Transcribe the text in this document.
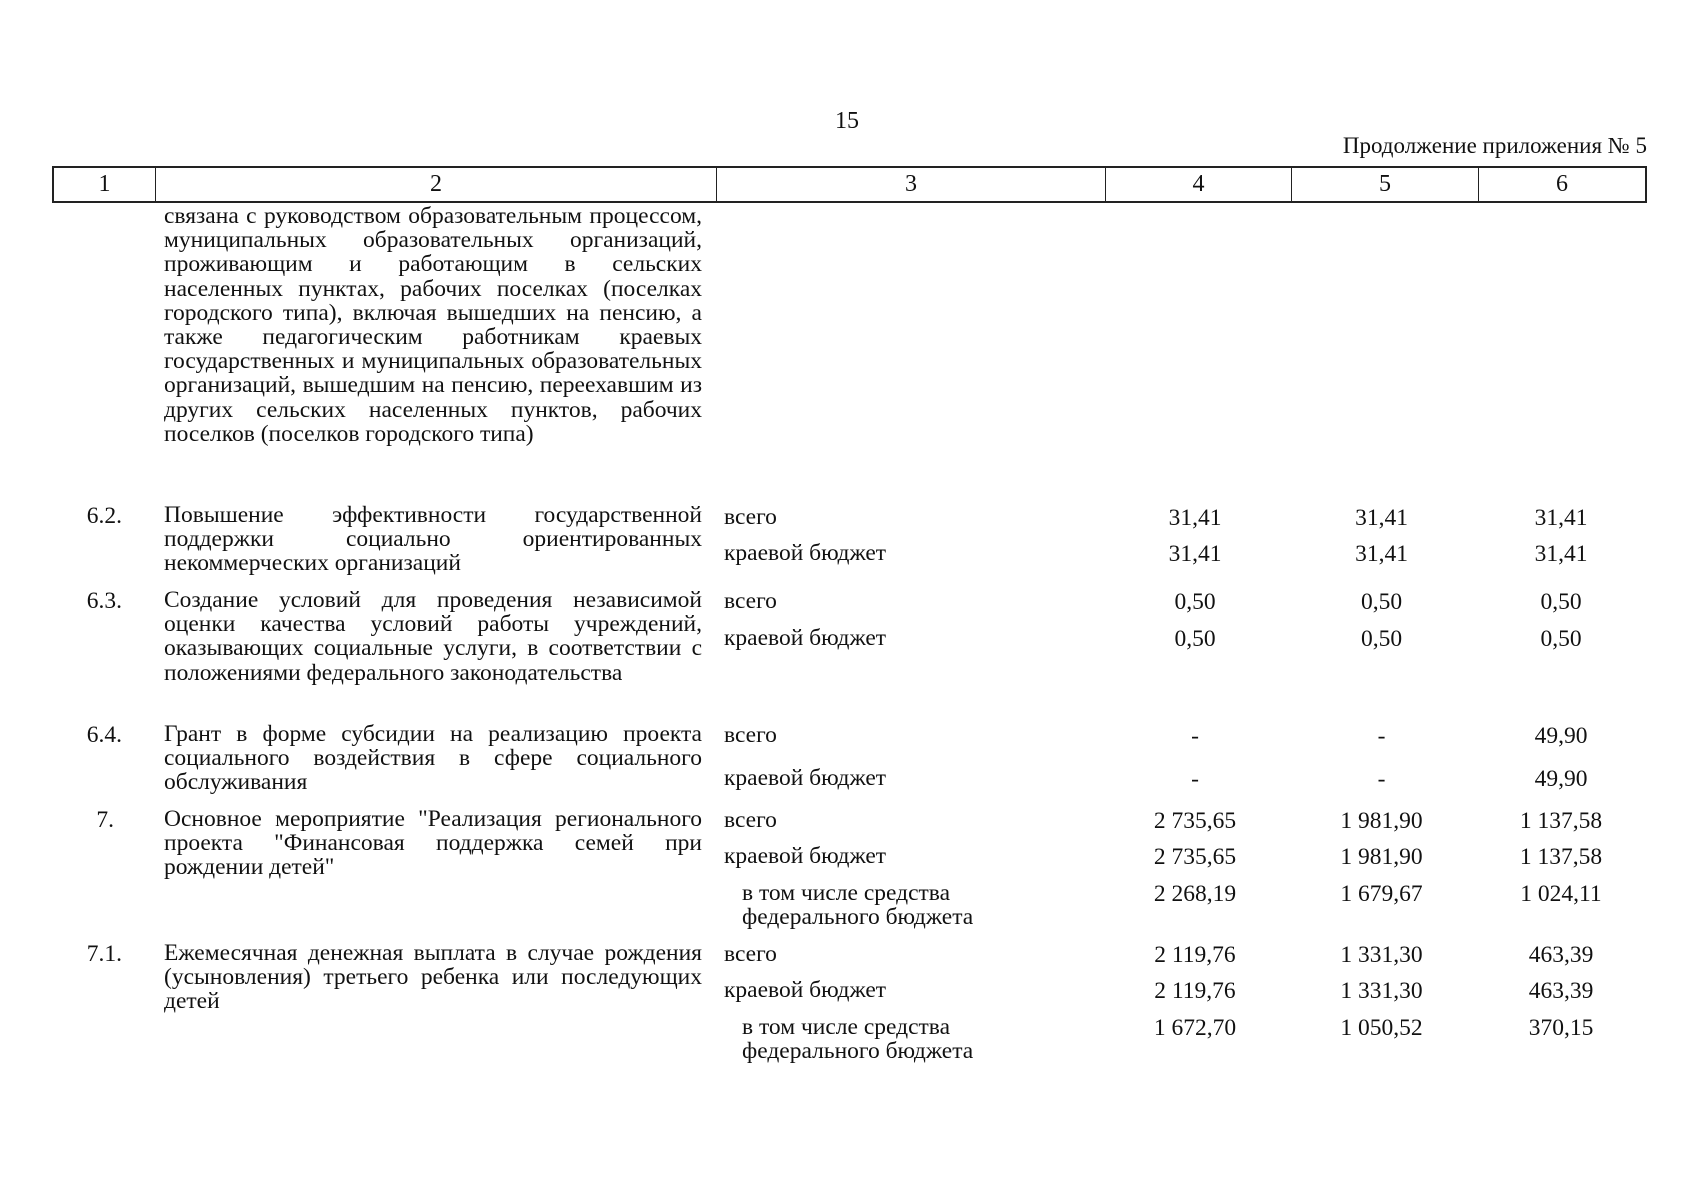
15
Продолжение приложения № 5
1	2	3	4	5	6
связана с руководством образовательным процессом, муниципальных образовательных организаций, проживающим и работающим в сельских населенных пунктах, рабочих поселках (поселках городского типа), включая вышедших на пенсию, а также педагогическим работникам краевых государственных и муниципальных образовательных организаций, вышедшим на пенсию, переехавшим из других сельских населенных пунктов, рабочих поселков (поселков городского типа)
6.2. Повышение эффективности государственной поддержки социально ориентированных некоммерческих организаций
всего	31,41	31,41	31,41
краевой бюджет	31,41	31,41	31,41
6.3. Создание условий для проведения независимой оценки качества условий работы учреждений, оказывающих социальные услуги, в соответствии с положениями федерального законодательства
всего	0,50	0,50	0,50
краевой бюджет	0,50	0,50	0,50
6.4. Грант в форме субсидии на реализацию проекта социального воздействия в сфере социального обслуживания
всего	-	-	49,90
краевой бюджет	-	-	49,90
7. Основное мероприятие "Реализация регионального проекта "Финансовая поддержка семей при рождении детей"
всего	2 735,65	1 981,90	1 137,58
краевой бюджет	2 735,65	1 981,90	1 137,58
в том числе средства
федерального бюджета
2 268,19	1 679,67	1 024,11
7.1. Ежемесячная денежная выплата в случае рождения (усыновления) третьего ребенка или последующих детей
всего	2 119,76	1 331,30	463,39
краевой бюджет	2 119,76	1 331,30	463,39
в том числе средства
федерального бюджета
1 672,70	1 050,52	370,15
